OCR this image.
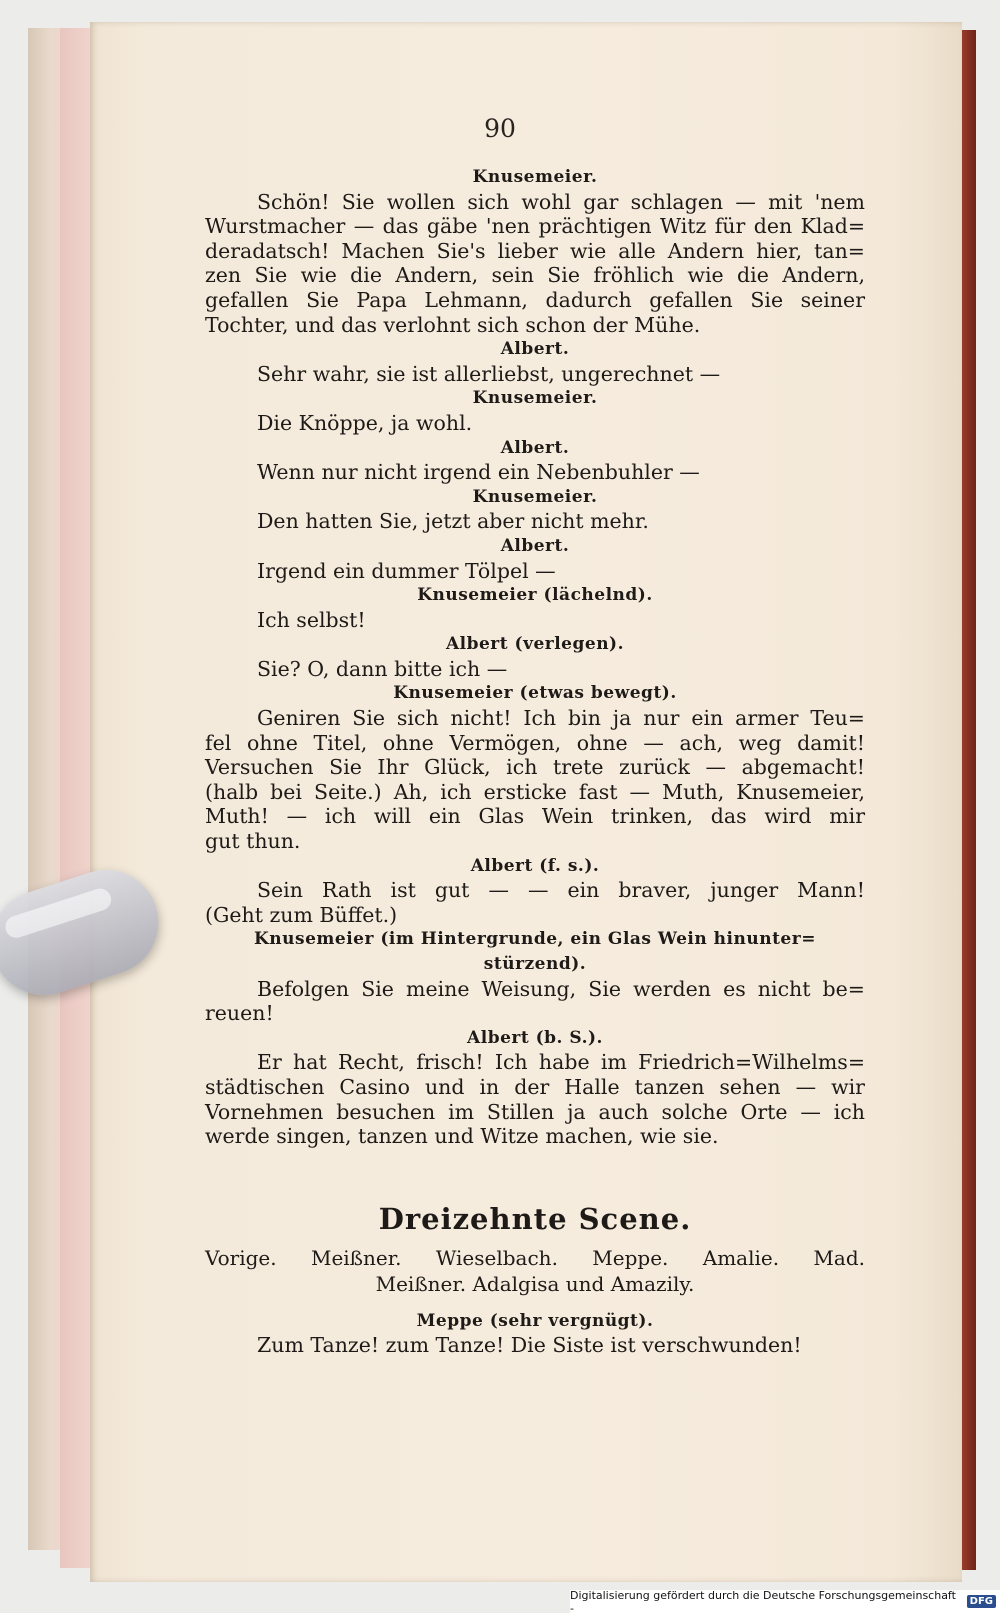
90
Knusemeier.
Schön! Sie wollen sich wohl gar schlagen — mit 'nem
Wurstmacher — das gäbe 'nen prächtigen Witz für den Klad=
deradatsch! Machen Sie's lieber wie alle Andern hier, tan=
zen Sie wie die Andern, sein Sie fröhlich wie die Andern,
gefallen Sie Papa Lehmann, dadurch gefallen Sie seiner
Tochter, und das verlohnt sich schon der Mühe.
Albert.
Sehr wahr, sie ist allerliebst, ungerechnet —
Knusemeier.
Die Knöppe, ja wohl.
Albert.
Wenn nur nicht irgend ein Nebenbuhler —
Knusemeier.
Den hatten Sie, jetzt aber nicht mehr.
Albert.
Irgend ein dummer Tölpel —
Knusemeier (lächelnd).
Ich selbst!
Albert (verlegen).
Sie? O, dann bitte ich —
Knusemeier (etwas bewegt).
Geniren Sie sich nicht! Ich bin ja nur ein armer Teu=
fel ohne Titel, ohne Vermögen, ohne — ach, weg damit!
Versuchen Sie Ihr Glück, ich trete zurück — abgemacht!
(halb bei Seite.) Ah, ich ersticke fast — Muth, Knusemeier,
Muth! — ich will ein Glas Wein trinken, das wird mir
gut thun.
Albert (f. s.).
Sein Rath ist gut — — ein braver, junger Mann!
(Geht zum Büffet.)
Knusemeier (im Hintergrunde, ein Glas Wein hinunter=
stürzend).
Befolgen Sie meine Weisung, Sie werden es nicht be=
reuen!
Albert (b. S.).
Er hat Recht, frisch! Ich habe im Friedrich=Wilhelms=
städtischen Casino und in der Halle tanzen sehen — wir
Vornehmen besuchen im Stillen ja auch solche Orte — ich
werde singen, tanzen und Witze machen, wie sie.
Dreizehnte Scene.
Vorige. Meißner. Wieselbach. Meppe. Amalie. Mad.
Meißner. Adalgisa und Amazily.
Meppe (sehr vergnügt).
Zum Tanze! zum Tanze! Die Siste ist verschwunden!
Digitalisierung gefördert durch die Deutsche Forschungsgemeinschaft -	DFG
